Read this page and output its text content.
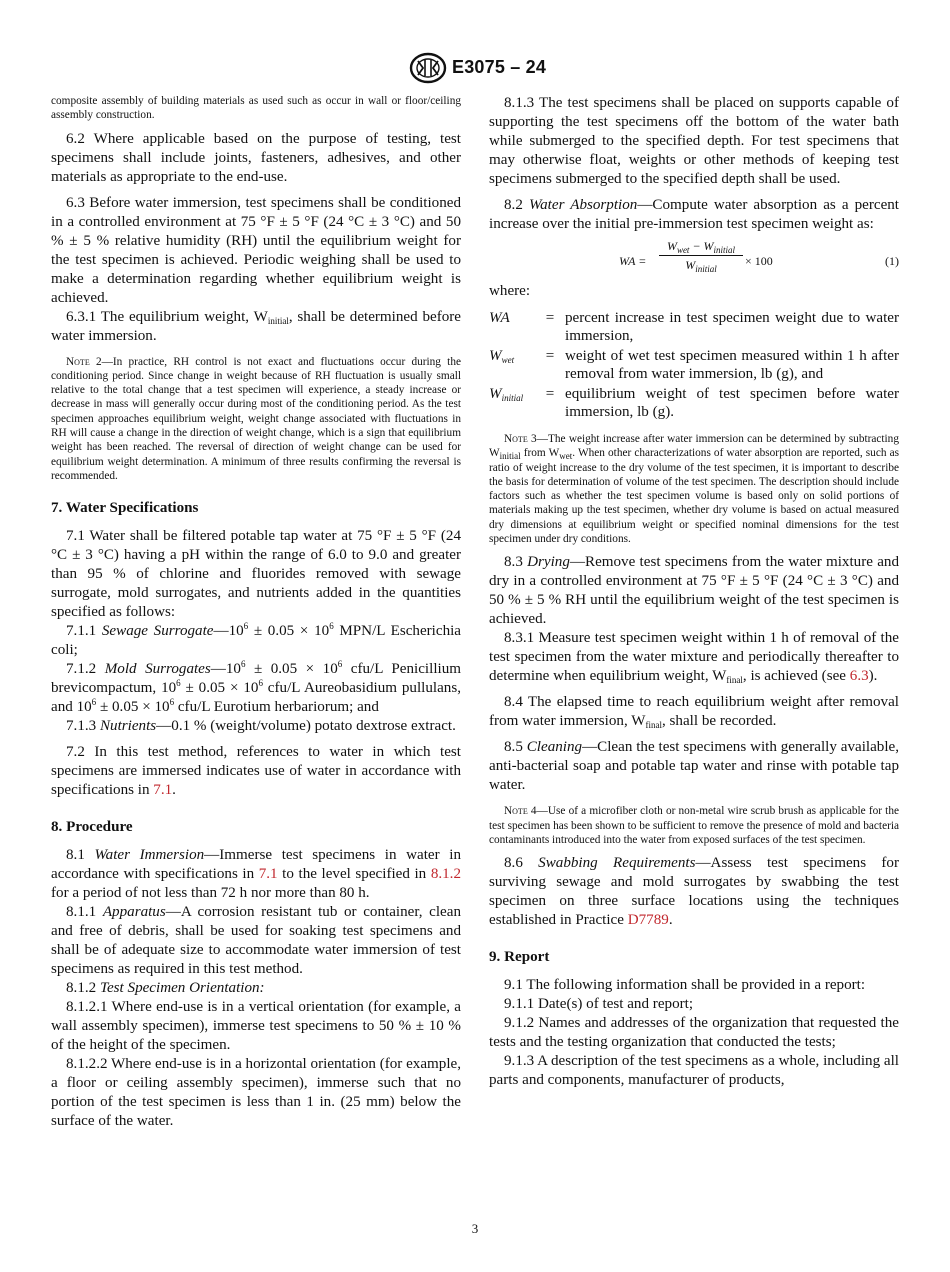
E3075 – 24

composite assembly of building materials as used such as occur in wall or floor/ceiling assembly construction.

6.2 Where applicable based on the purpose of testing, test specimens shall include joints, fasteners, adhesives, and other materials as appropriate to the end-use.

6.3 Before water immersion, test specimens shall be conditioned in a controlled environment at 75 °F ± 5 °F (24 °C ± 3 °C) and 50 % ± 5 % relative humidity (RH) until the equilibrium weight for the test specimen is achieved. Periodic weighing shall be used to make a determination regarding whether equilibrium weight is achieved.

6.3.1 The equilibrium weight, $W_{initial}$, shall be determined before water immersion.

Note 2—In practice, RH control is not exact and fluctuations occur during the conditioning period. Since change in weight because of RH fluctuation is usually small relative to the total change that a test specimen will experience, a steady increase or decrease in mass will generally occur during most of the conditioning period. As the test specimen approaches equilibrium weight, weight change associated with fluctuations in RH will cause a change in the direction of weight change, which is a sign that equilibrium weight has been reached. The reversal of direction of weight change can be used for equilibrium weight determination. A minimum of three results confirming the reversal is recommended.

7. Water Specifications

7.1 Water shall be filtered potable tap water at 75 °F ± 5 °F (24 °C ± 3 °C) having a pH within the range of 6.0 to 9.0 and greater than 95 % of chlorine and fluorides removed with sewage surrogate, mold surrogates, and nutrients added in the quantities specified as follows:

7.1.1 Sewage $Surrogate—10^6 \pm 0.05 \times 10^6$ MPN/L Escherichia coli;

7.1.2 Mold $Surrogates—10^6 \pm 0.05 \times 10^6$ cfu/L Penicillium brevicompactum, $10^6 \pm 0.05 \times 10^6$ cfu/L Aureobasidium pullulans, and $10^6 \pm 0.05 \times 10^6$ cfu/L Eurotium herbariorum; and

7.1.3 Nutrients—0.1 % (weight/volume) potato dextrose extract.

7.2 In this test method, references to water in which test specimens are immersed indicates use of water in accordance with specifications in 7.1.

8. Procedure

8.1 Water Immersion—Immerse test specimens in water in accordance with specifications in 7.1 to the level specified in 8.1.2 for a period of not less than 72 h nor more than 80 h.

8.1.1 Apparatus—A corrosion resistant tub or container, clean and free of debris, shall be used for soaking test specimens and shall be of adequate size to accommodate water immersion of test specimens as required in this test method.

8.1.2 Test Specimen Orientation:

8.1.2.1 Where end-use is in a vertical orientation (for example, a wall assembly specimen), immerse test specimens to 50 % ± 10 % of the height of the specimen.

8.1.2.2 Where end-use is in a horizontal orientation (for example, a floor or ceiling assembly specimen), immerse such that no portion of the test specimen is less than 1 in. (25 mm) below the surface of the water.

8.1.3 The test specimens shall be placed on supports capable of supporting the test specimens off the bottom of the water bath while submerged to the specified depth. For test specimens that may otherwise float, weights or other methods of keeping test specimens submerged to the specified depth shall be used.

8.2 Water Absorption—Compute water absorption as a percent increase over the initial pre-immersion test specimen weight as:

WA =
$W_{wet} - W_{initial}$
$W_{initial}$
× 100	(1)

where:

WA	= percent increase in test specimen weight due to water immersion,
$W_{wet}$	= weight of wet test specimen measured within 1 h after removal from water immersion, lb (g), and
$W_{initial}$	= equilibrium weight of test specimen before water immersion, lb (g).

Note 3—The weight increase after water immersion can be determined by subtracting $W_{initial}$ from $W_{wet}$. When other characterizations of water absorption are reported, such as ratio of weight increase to the dry volume of the test specimen, it is important to describe the basis for determination of volume of the test specimen. The description should include factors such as whether the test specimen volume is based only on solid portions of materials making up the test specimen, whether dry volume is based on actual measured dry dimensions at equilibrium weight or specified nominal dimensions for the test specimen under dry conditions.

8.3 Drying—Remove test specimens from the water mixture and dry in a controlled environment at 75 °F ± 5 °F (24 °C ± 3 °C) and 50 % ± 5 % RH until the equilibrium weight of the test specimen is achieved.

8.3.1 Measure test specimen weight within 1 h of removal of the test specimen from the water mixture and periodically thereafter to determine when equilibrium weight, $W_{final}$, is achieved (see 6.3).

8.4 The elapsed time to reach equilibrium weight after removal from water immersion, $W_{final}$, shall be recorded.

8.5 Cleaning—Clean the test specimens with generally available, anti-bacterial soap and potable tap water and rinse with potable tap water.

Note 4—Use of a microfiber cloth or non-metal wire scrub brush as applicable for the test specimen has been shown to be sufficient to remove the presence of mold and bacteria contaminants introduced into the water from exposed surfaces of the test specimen.

8.6 Swabbing Requirements—Assess test specimens for surviving sewage and mold surrogates by swabbing the test specimen on three surface locations using the techniques established in Practice D7789.

9. Report

9.1 The following information shall be provided in a report:

9.1.1 Date(s) of test and report;

9.1.2 Names and addresses of the organization that requested the tests and the testing organization that conducted the tests;

9.1.3 A description of the test specimens as a whole, including all parts and components, manufacturer of products,

3
